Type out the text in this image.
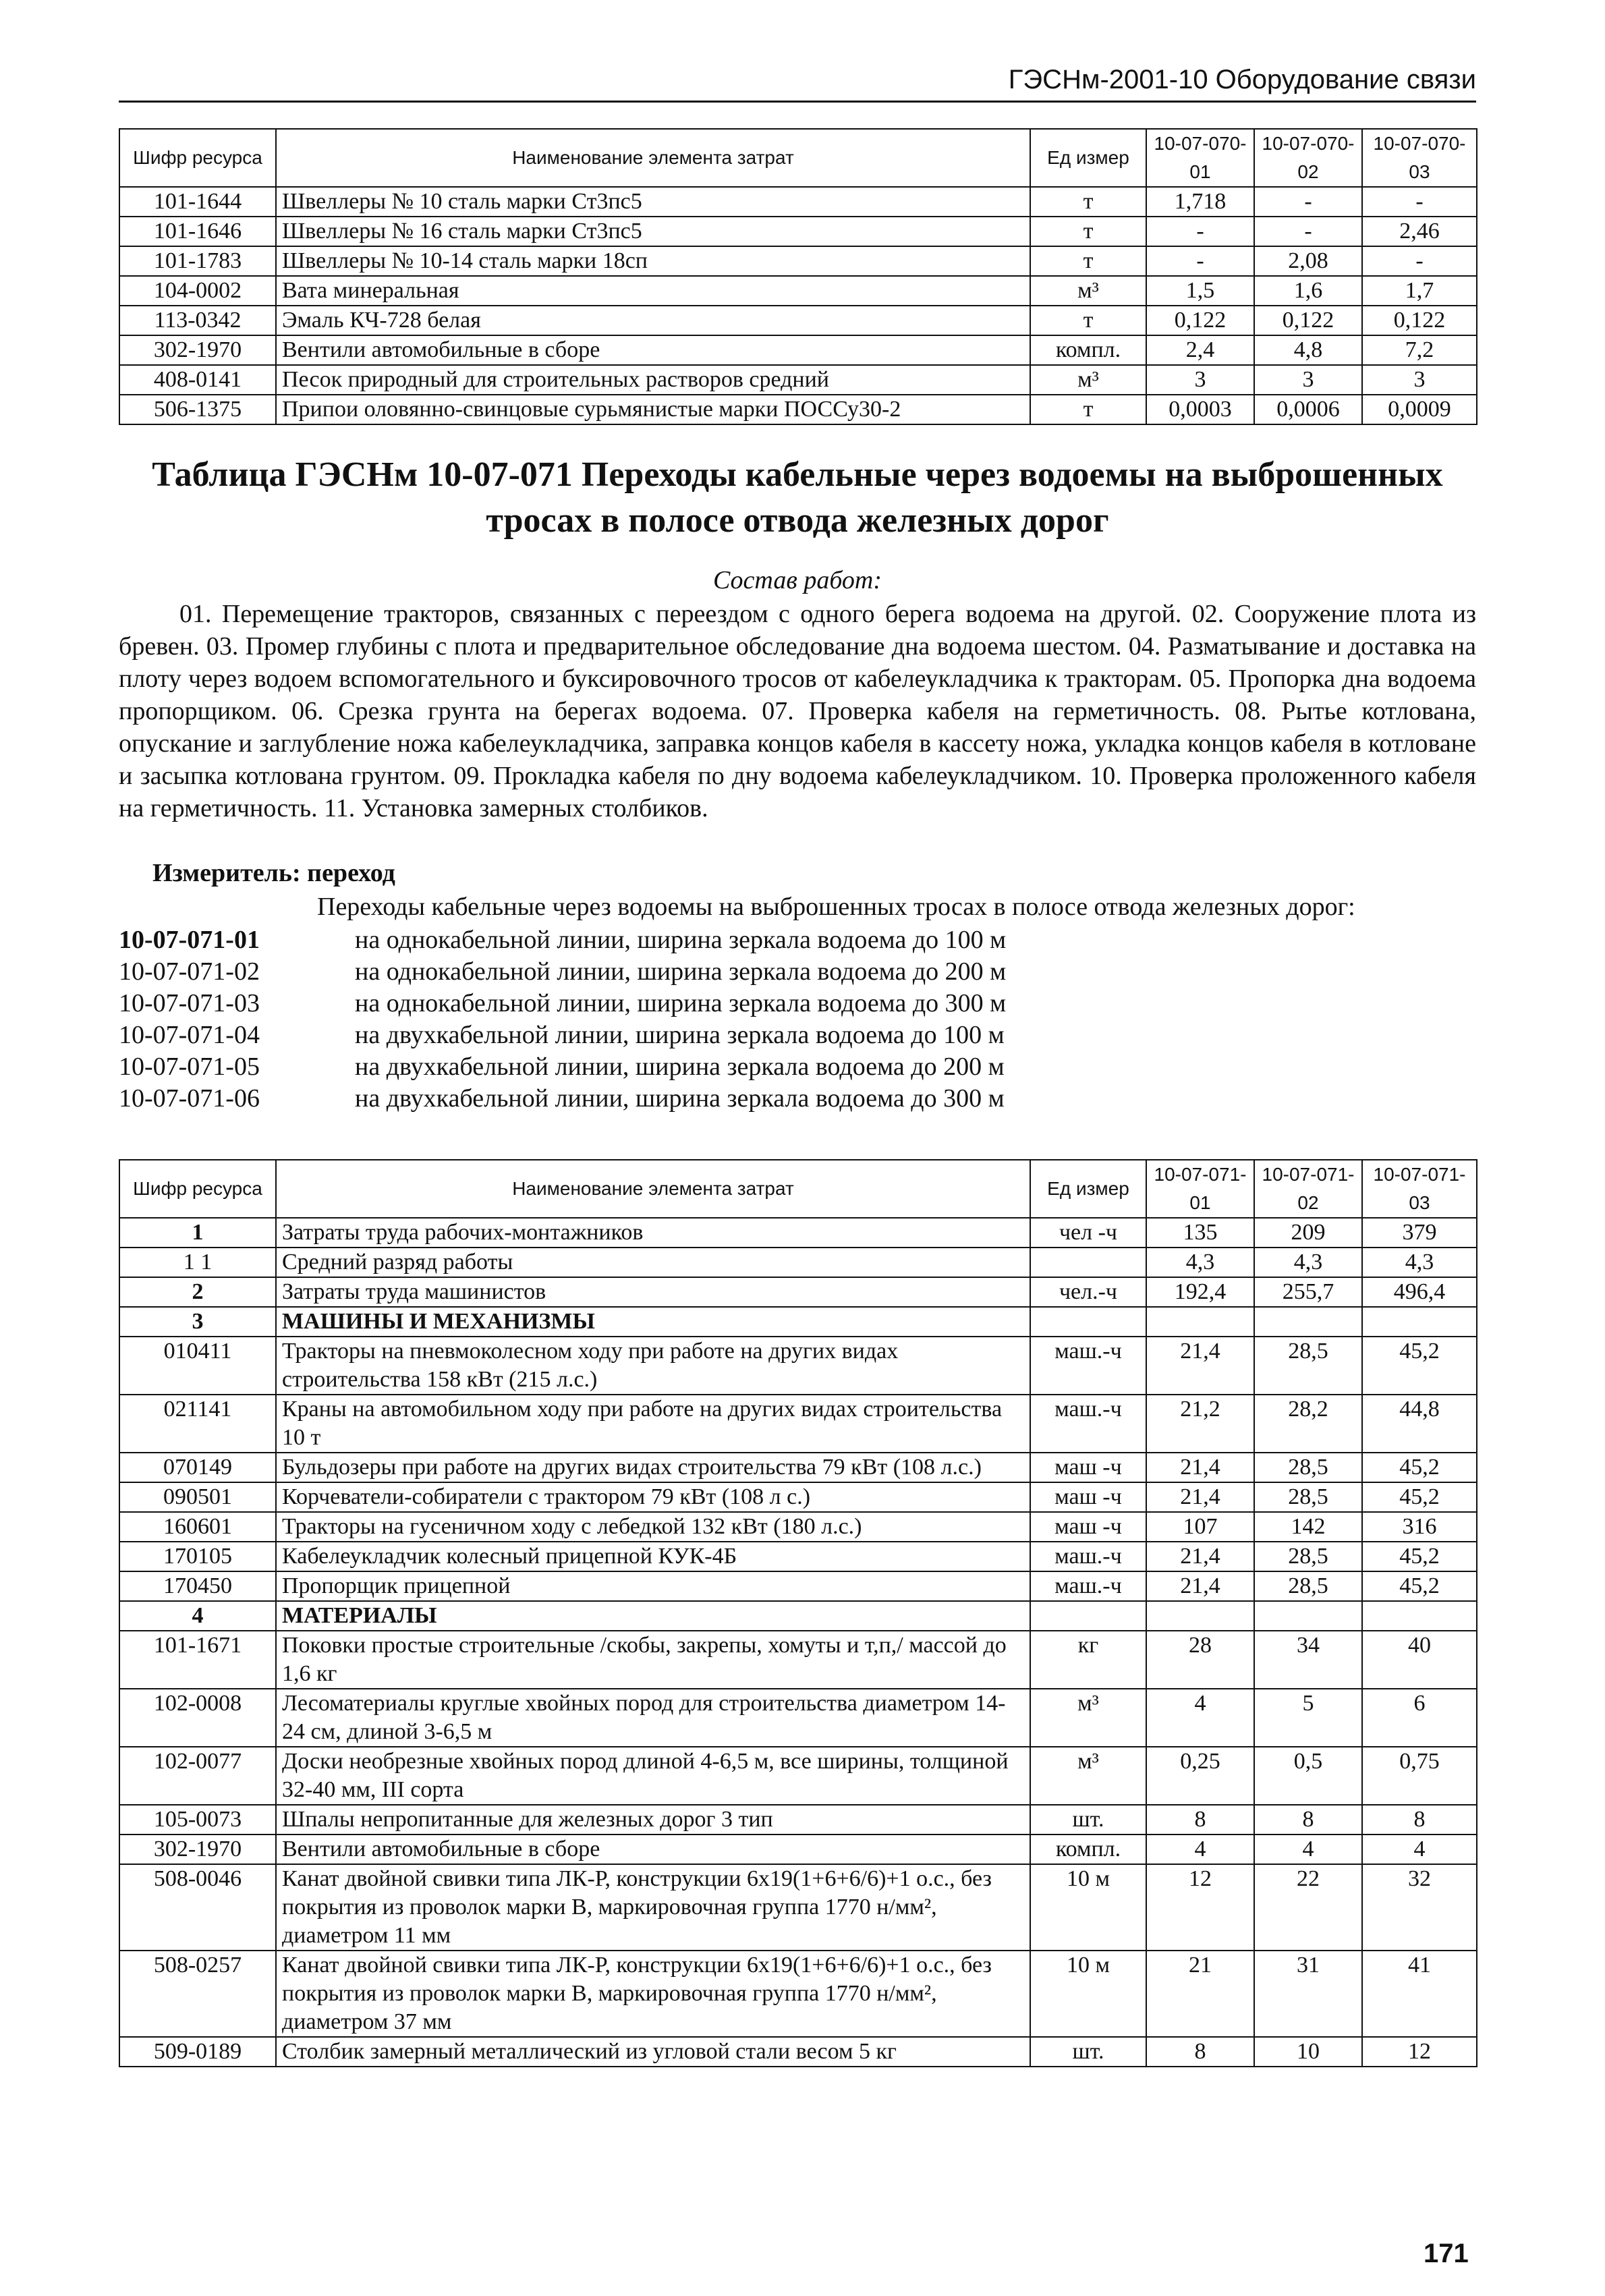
ГЭСНм-2001-10 Оборудование связи
Шифр ресурса	Наименование элемента затрат	Ед измер	10-07-070-01	10-07-070-02	10-07-070-03
101-1644	Швеллеры № 10 сталь марки Ст3пс5	т	1,718	-	-
101-1646	Швеллеры № 16 сталь марки Ст3пс5	т	-	-	2,46
101-1783	Швеллеры № 10-14 сталь марки 18сп	т	-	2,08	-
104-0002	Вата минеральная	м³	1,5	1,6	1,7
113-0342	Эмаль КЧ-728 белая	т	0,122	0,122	0,122
302-1970	Вентили автомобильные в сборе	компл.	2,4	4,8	7,2
408-0141	Песок природный для строительных растворов средний	м³	3	3	3
506-1375	Припои оловянно-свинцовые сурьмянистые марки ПОССу30-2	т	0,0003	0,0006	0,0009
Таблица ГЭСНм 10-07-071 Переходы кабельные через водоемы на выброшенных тросах в полосе отвода железных дорог
Состав работ:
01. Перемещение тракторов, связанных с переездом с одного берега водоема на другой. 02. Сооружение плота из бревен. 03. Промер глубины с плота и предварительное обследование дна водоема шестом. 04. Разматывание и доставка на плоту через водоем вспомогательного и буксировочного тросов от кабелеукладчика к тракторам. 05. Пропорка дна водоема пропорщиком. 06. Срезка грунта на берегах водоема. 07. Проверка кабеля на герметичность. 08. Рытье котлована, опускание и заглубление ножа кабелеукладчика, заправка концов кабеля в кассету ножа, укладка концов кабеля в котловане и засыпка котлована грунтом. 09. Прокладка кабеля по дну водоема кабелеукладчиком. 10. Проверка проложенного кабеля на герметичность. 11. Установка замерных столбиков.
Измеритель: переход
Переходы кабельные через водоемы на выброшенных тросах в полосе отвода железных дорог:
10-07-071-01	на однокабельной линии, ширина зеркала водоема до 100 м
10-07-071-02	на однокабельной линии, ширина зеркала водоема до 200 м
10-07-071-03	на однокабельной линии, ширина зеркала водоема до 300 м
10-07-071-04	на двухкабельной линии, ширина зеркала водоема до 100 м
10-07-071-05	на двухкабельной линии, ширина зеркала водоема до 200 м
10-07-071-06	на двухкабельной линии, ширина зеркала водоема до 300 м
Шифр ресурса	Наименование элемента затрат	Ед измер	10-07-071-01	10-07-071-02	10-07-071-03
1	Затраты труда рабочих-монтажников	чел -ч	135	209	379
1 1	Средний разряд работы		4,3	4,3	4,3
2	Затраты труда машинистов	чел.-ч	192,4	255,7	496,4
3	МАШИНЫ И МЕХАНИЗМЫ				
010411	Тракторы на пневмоколесном ходу при работе на других видах строительства 158 кВт (215 л.с.)	маш.-ч	21,4	28,5	45,2
021141	Краны на автомобильном ходу при работе на других видах строительства 10 т	маш.-ч	21,2	28,2	44,8
070149	Бульдозеры при работе на других видах строительства 79 кВт (108 л.с.)	маш -ч	21,4	28,5	45,2
090501	Корчеватели-собиратели с трактором 79 кВт (108 л с.)	маш -ч	21,4	28,5	45,2
160601	Тракторы на гусеничном ходу с лебедкой 132 кВт (180 л.с.)	маш -ч	107	142	316
170105	Кабелеукладчик колесный прицепной КУК-4Б	маш.-ч	21,4	28,5	45,2
170450	Пропорщик прицепной	маш.-ч	21,4	28,5	45,2
4	МАТЕРИАЛЫ				
101-1671	Поковки простые строительные /скобы, закрепы, хомуты и т,п,/ массой до 1,6 кг	кг	28	34	40
102-0008	Лесоматериалы круглые хвойных пород для строительства диаметром 14-24 см, длиной 3-6,5 м	м³	4	5	6
102-0077	Доски необрезные хвойных пород длиной 4-6,5 м, все ширины, толщиной 32-40 мм, III сорта	м³	0,25	0,5	0,75
105-0073	Шпалы непропитанные для железных дорог 3 тип	шт.	8	8	8
302-1970	Вентили автомобильные в сборе	компл.	4	4	4
508-0046	Канат двойной свивки типа ЛК-Р, конструкции 6х19(1+6+6/6)+1 о.с., без покрытия из проволок марки В, маркировочная группа 1770 н/мм², диаметром 11 мм	10 м	12	22	32
508-0257	Канат двойной свивки типа ЛК-Р, конструкции 6х19(1+6+6/6)+1 о.с., без покрытия из проволок марки В, маркировочная группа 1770 н/мм², диаметром 37 мм	10 м	21	31	41
509-0189	Столбик замерный металлический из угловой стали весом 5 кг	шт.	8	10	12
171
